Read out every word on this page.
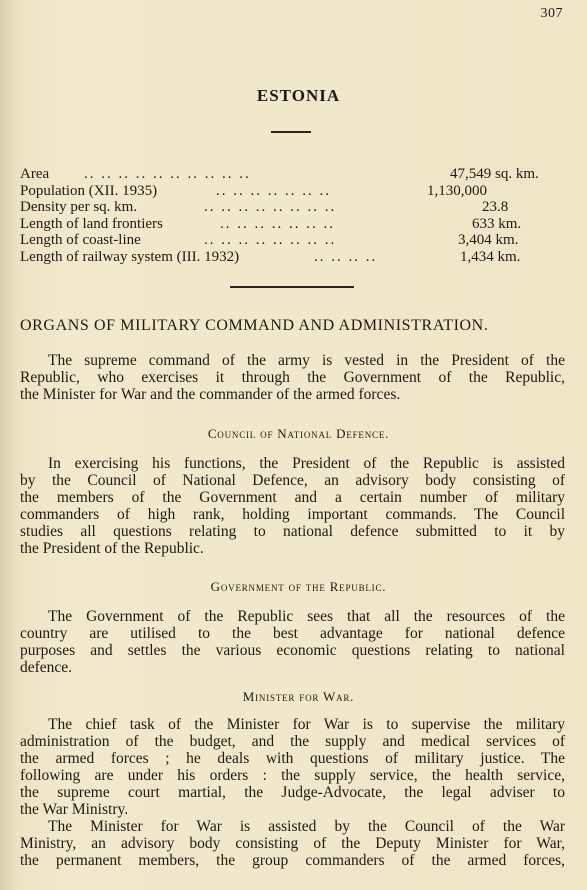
307
ESTONIA
Area .. .. .. .. .. .. .. .. .. ..	47,549 sq. km.
Population (XII. 1935)	.. .. .. .. .. .. ..	1,130,000
Density per sq. km.	.. .. .. .. .. .. .. ..	23.8
Length of land frontiers	.. .. .. .. .. .. ..	633 km.
Length of coast-line	.. .. .. .. .. .. .. ..	3,404 km.
Length of railway system (III. 1932)	.. .. .. ..	1,434 km.
ORGANS OF MILITARY COMMAND AND ADMINISTRATION.
The supreme command of the army is vested in the President of the
Republic, who exercises it through the Government of the Republic,
the Minister for War and the commander of the armed forces.
Council of National Defence.
In exercising his functions, the President of the Republic is assisted
by the Council of National Defence, an advisory body consisting of
the members of the Government and a certain number of military
commanders of high rank, holding important commands. The Council
studies all questions relating to national defence submitted to it by
the President of the Republic.
Government of the Republic.
The Government of the Republic sees that all the resources of the
country are utilised to the best advantage for national defence
purposes and settles the various economic questions relating to national
defence.
Minister for War.
The chief task of the Minister for War is to supervise the military
administration of the budget, and the supply and medical services of
the armed forces ; he deals with questions of military justice. The
following are under his orders : the supply service, the health service,
the supreme court martial, the Judge-Advocate, the legal adviser to
the War Ministry.
The Minister for War is assisted by the Council of the War
Ministry, an advisory body consisting of the Deputy Minister for War,
the permanent members, the group commanders of the armed forces,
